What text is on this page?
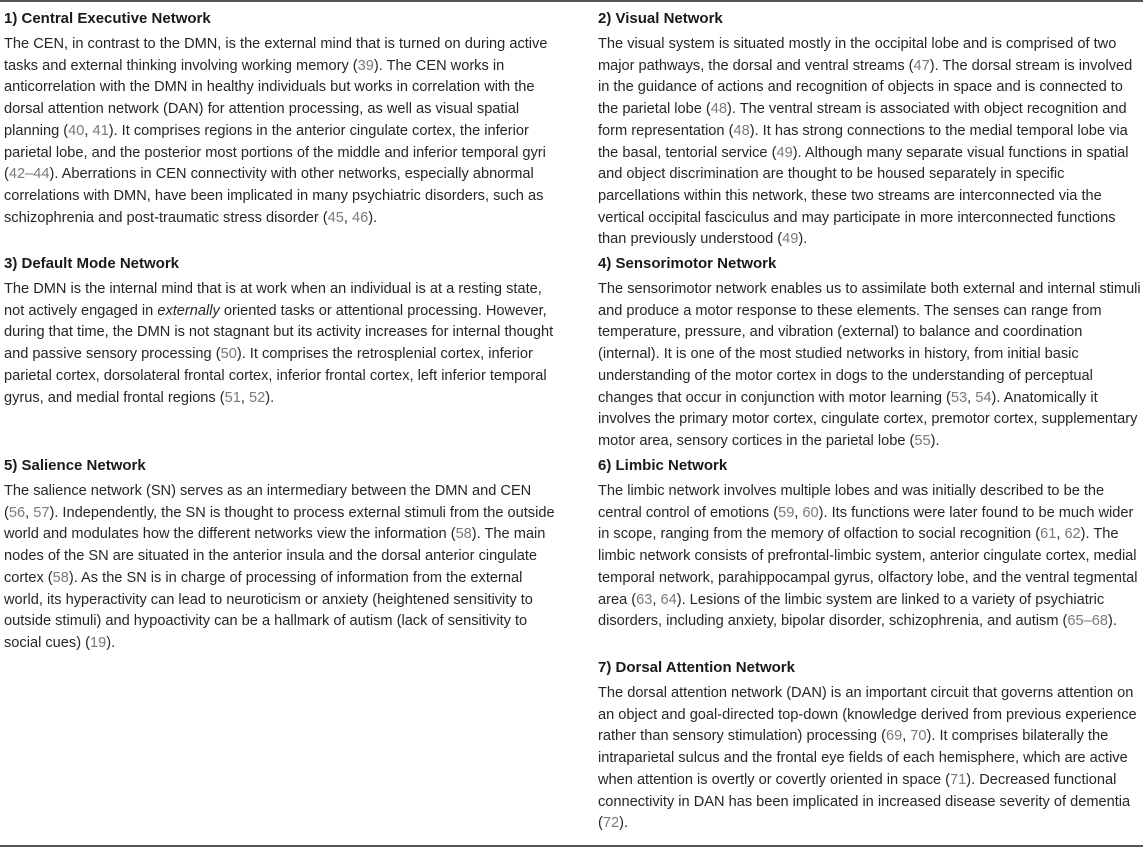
1) Central Executive Network

The CEN, in contrast to the DMN, is the external mind that is turned on during active tasks and external thinking involving working memory (39). The CEN works in anticorrelation with the DMN in healthy individuals but works in correlation with the dorsal attention network (DAN) for attention processing, as well as visual spatial planning (40, 41). It comprises regions in the anterior cingulate cortex, the inferior parietal lobe, and the posterior most portions of the middle and inferior temporal gyri (42–44). Aberrations in CEN connectivity with other networks, especially abnormal correlations with DMN, have been implicated in many psychiatric disorders, such as schizophrenia and post-traumatic stress disorder (45, 46).

2) Visual Network

The visual system is situated mostly in the occipital lobe and is comprised of two major pathways, the dorsal and ventral streams (47). The dorsal stream is involved in the guidance of actions and recognition of objects in space and is connected to the parietal lobe (48). The ventral stream is associated with object recognition and form representation (48). It has strong connections to the medial temporal lobe via the basal, tentorial service (49). Although many separate visual functions in spatial and object discrimination are thought to be housed separately in specific parcellations within this network, these two streams are interconnected via the vertical occipital fasciculus and may participate in more interconnected functions than previously understood (49).

3) Default Mode Network

The DMN is the internal mind that is at work when an individual is at a resting state, not actively engaged in externally oriented tasks or attentional processing. However, during that time, the DMN is not stagnant but its activity increases for internal thought and passive sensory processing (50). It comprises the retrosplenial cortex, inferior parietal cortex, dorsolateral frontal cortex, inferior frontal cortex, left inferior temporal gyrus, and medial frontal regions (51, 52).

4) Sensorimotor Network

The sensorimotor network enables us to assimilate both external and internal stimuli and produce a motor response to these elements. The senses can range from temperature, pressure, and vibration (external) to balance and coordination (internal). It is one of the most studied networks in history, from initial basic understanding of the motor cortex in dogs to the understanding of perceptual changes that occur in conjunction with motor learning (53, 54). Anatomically it involves the primary motor cortex, cingulate cortex, premotor cortex, supplementary motor area, sensory cortices in the parietal lobe (55).

5) Salience Network

The salience network (SN) serves as an intermediary between the DMN and CEN (56, 57). Independently, the SN is thought to process external stimuli from the outside world and modulates how the different networks view the information (58). The main nodes of the SN are situated in the anterior insula and the dorsal anterior cingulate cortex (58). As the SN is in charge of processing of information from the external world, its hyperactivity can lead to neuroticism or anxiety (heightened sensitivity to outside stimuli) and hypoactivity can be a hallmark of autism (lack of sensitivity to social cues) (19).

6) Limbic Network

The limbic network involves multiple lobes and was initially described to be the central control of emotions (59, 60). Its functions were later found to be much wider in scope, ranging from the memory of olfaction to social recognition (61, 62). The limbic network consists of prefrontal-limbic system, anterior cingulate cortex, medial temporal network, parahippocampal gyrus, olfactory lobe, and the ventral tegmental area (63, 64). Lesions of the limbic system are linked to a variety of psychiatric disorders, including anxiety, bipolar disorder, schizophrenia, and autism (65–68).

7) Dorsal Attention Network

The dorsal attention network (DAN) is an important circuit that governs attention on an object and goal-directed top-down (knowledge derived from previous experience rather than sensory stimulation) processing (69, 70). It comprises bilaterally the intraparietal sulcus and the frontal eye fields of each hemisphere, which are active when attention is overtly or covertly oriented in space (71). Decreased functional connectivity in DAN has been implicated in increased disease severity of dementia (72).
